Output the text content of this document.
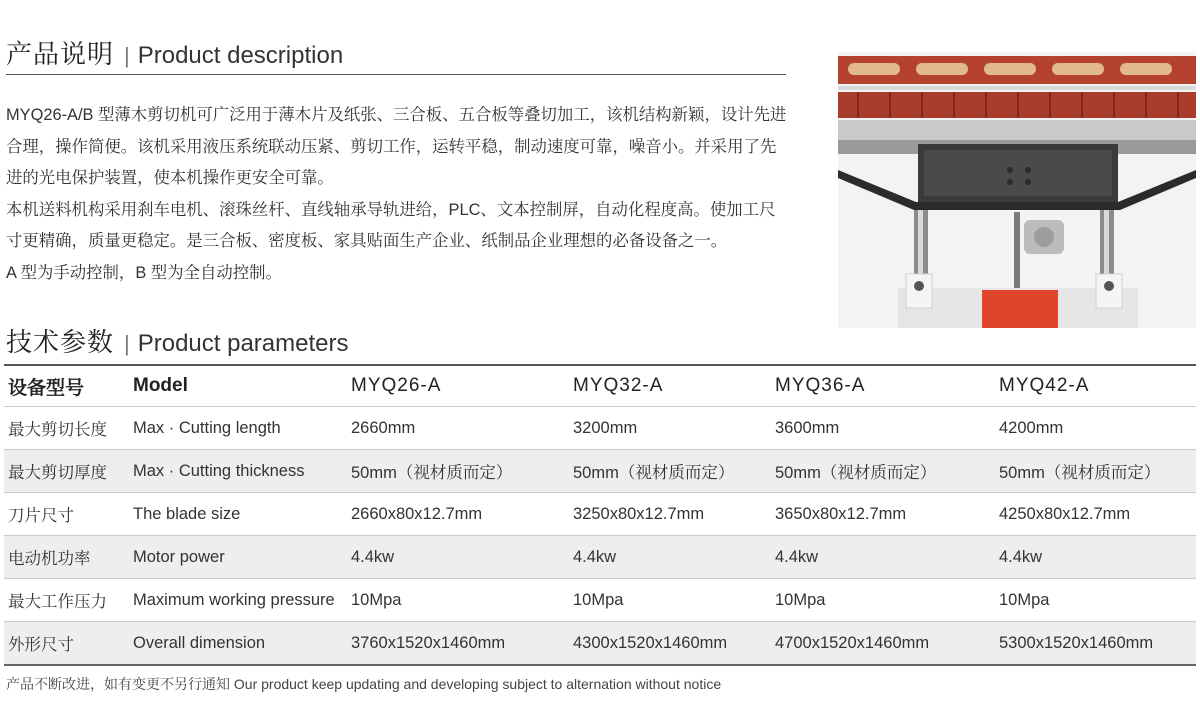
产品说明 | Product description

MYQ26-A/B 型薄木剪切机可广泛用于薄木片及纸张、三合板、五合板等叠切加工，该机结构新颖，设计先进合理，操作简便。该机采用液压系统联动压紧、剪切工作，运转平稳，制动速度可靠，噪音小。并采用了先进的光电保护装置，使本机操作更安全可靠。

本机送料机构采用刹车电机、滚珠丝杆、直线轴承导轨进给，PLC、文本控制屏，自动化程度高。使加工尺寸更精确，质量更稳定。是三合板、密度板、家具贴面生产企业、纸制品企业理想的必备设备之一。

A 型为手动控制，B 型为全自动控制。

技术参数 | Product parameters
设备型号	Model	MYQ26-A	MYQ32-A	MYQ36-A	MYQ42-A
最大剪切长度	Max · Cutting length	2660mm	3200mm	3600mm	4200mm
最大剪切厚度	Max · Cutting thickness	50mm（视材质而定）	50mm（视材质而定）	50mm（视材质而定）	50mm（视材质而定）
刀片尺寸	The blade size	2660x80x12.7mm	3250x80x12.7mm	3650x80x12.7mm	4250x80x12.7mm
电动机功率	Motor power	4.4kw	4.4kw	4.4kw	4.4kw
最大工作压力	Maximum working pressure	10Mpa	10Mpa	10Mpa	10Mpa
外形尺寸	Overall dimension	3760x1520x1460mm	4300x1520x1460mm	4700x1520x1460mm	5300x1520x1460mm
产品不断改进，如有变更不另行通知 Our product keep updating and developing subject to alternation without notice
